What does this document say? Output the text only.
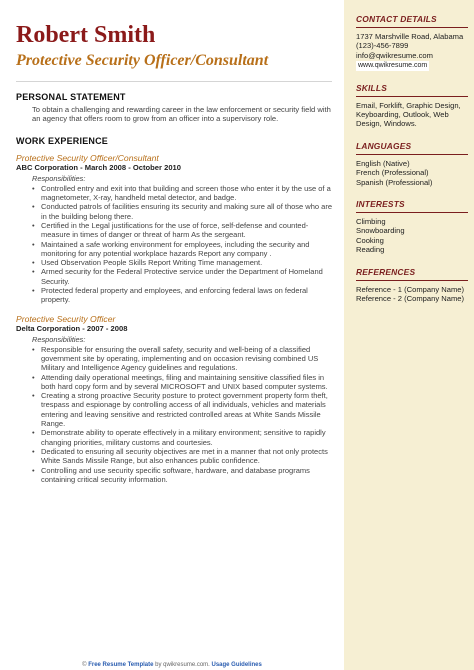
Robert Smith
Protective Security Officer/Consultant
PERSONAL STATEMENT
To obtain a challenging and rewarding career in the law enforcement or security field with an agency that offers room to grow from an officer into a supervisory role.
WORK EXPERIENCE
Protective Security Officer/Consultant
ABC Corporation - March 2008 - October 2010
Responsibilities:
• Controlled entry and exit into that building and screen those who enter it by the use of a magnetometer, X-ray, handheld metal detector, and badge.
• Conducted patrols of facilities ensuring its security and making sure all of those who are in the building belong there.
• Certified in the Legal justifications for the use of force, self-defense and counted-measure in times of danger or threat of harm As the sergeant.
• Maintained a safe working environment for employees, including the security and monitoring for any potential workplace hazards Report any company .
• Used Observation People Skills Report Writing Time management.
• Armed security for the Federal Protective service under the Department of Homeland Security.
• Protected federal property and employees, and enforcing federal laws on federal property.
Protective Security Officer
Delta Corporation - 2007 - 2008
Responsibilities:
• Responsible for ensuring the overall safety, security and well-being of a classified government site by operating, implementing and on occasion revising combined US Military and Intelligence Agency guidelines and regulations.
• Attending daily operational meetings, filing and maintaining sensitive classified files in both hard copy form and by several MICROSOFT and UNIX based computer systems.
• Creating a strong proactive Security posture to protect government property form theft, trespass and espionage by controlling access of all individuals, vehicles and materials entering and leaving sensitive and restricted controlled areas at White Sands Missile Range.
• Demonstrate ability to operate effectively in a military environment; sensitive to rapidly changing priorities, military customs and courtesies.
• Dedicated to ensuring all security objectives are met in a manner that not only protects White Sands Missile Range, but also enhances public confidence.
• Controlling and use security specific software, hardware, and database programs containing critical security information.
© Free Resume Template by qwikresume.com. Usage Guidelines
CONTACT DETAILS
1737 Marshville Road, Alabama
(123)-456-7899
info@qwikresume.com
www.qwikresume.com
SKILLS
Email, Forklift, Graphic Design, Keyboarding, Outlook, Web Design, Windows.
LANGUAGES
English (Native)
French (Professional)
Spanish (Professional)
INTERESTS
Climbing
Snowboarding
Cooking
Reading
REFERENCES
Reference - 1 (Company Name)
Reference - 2 (Company Name)
